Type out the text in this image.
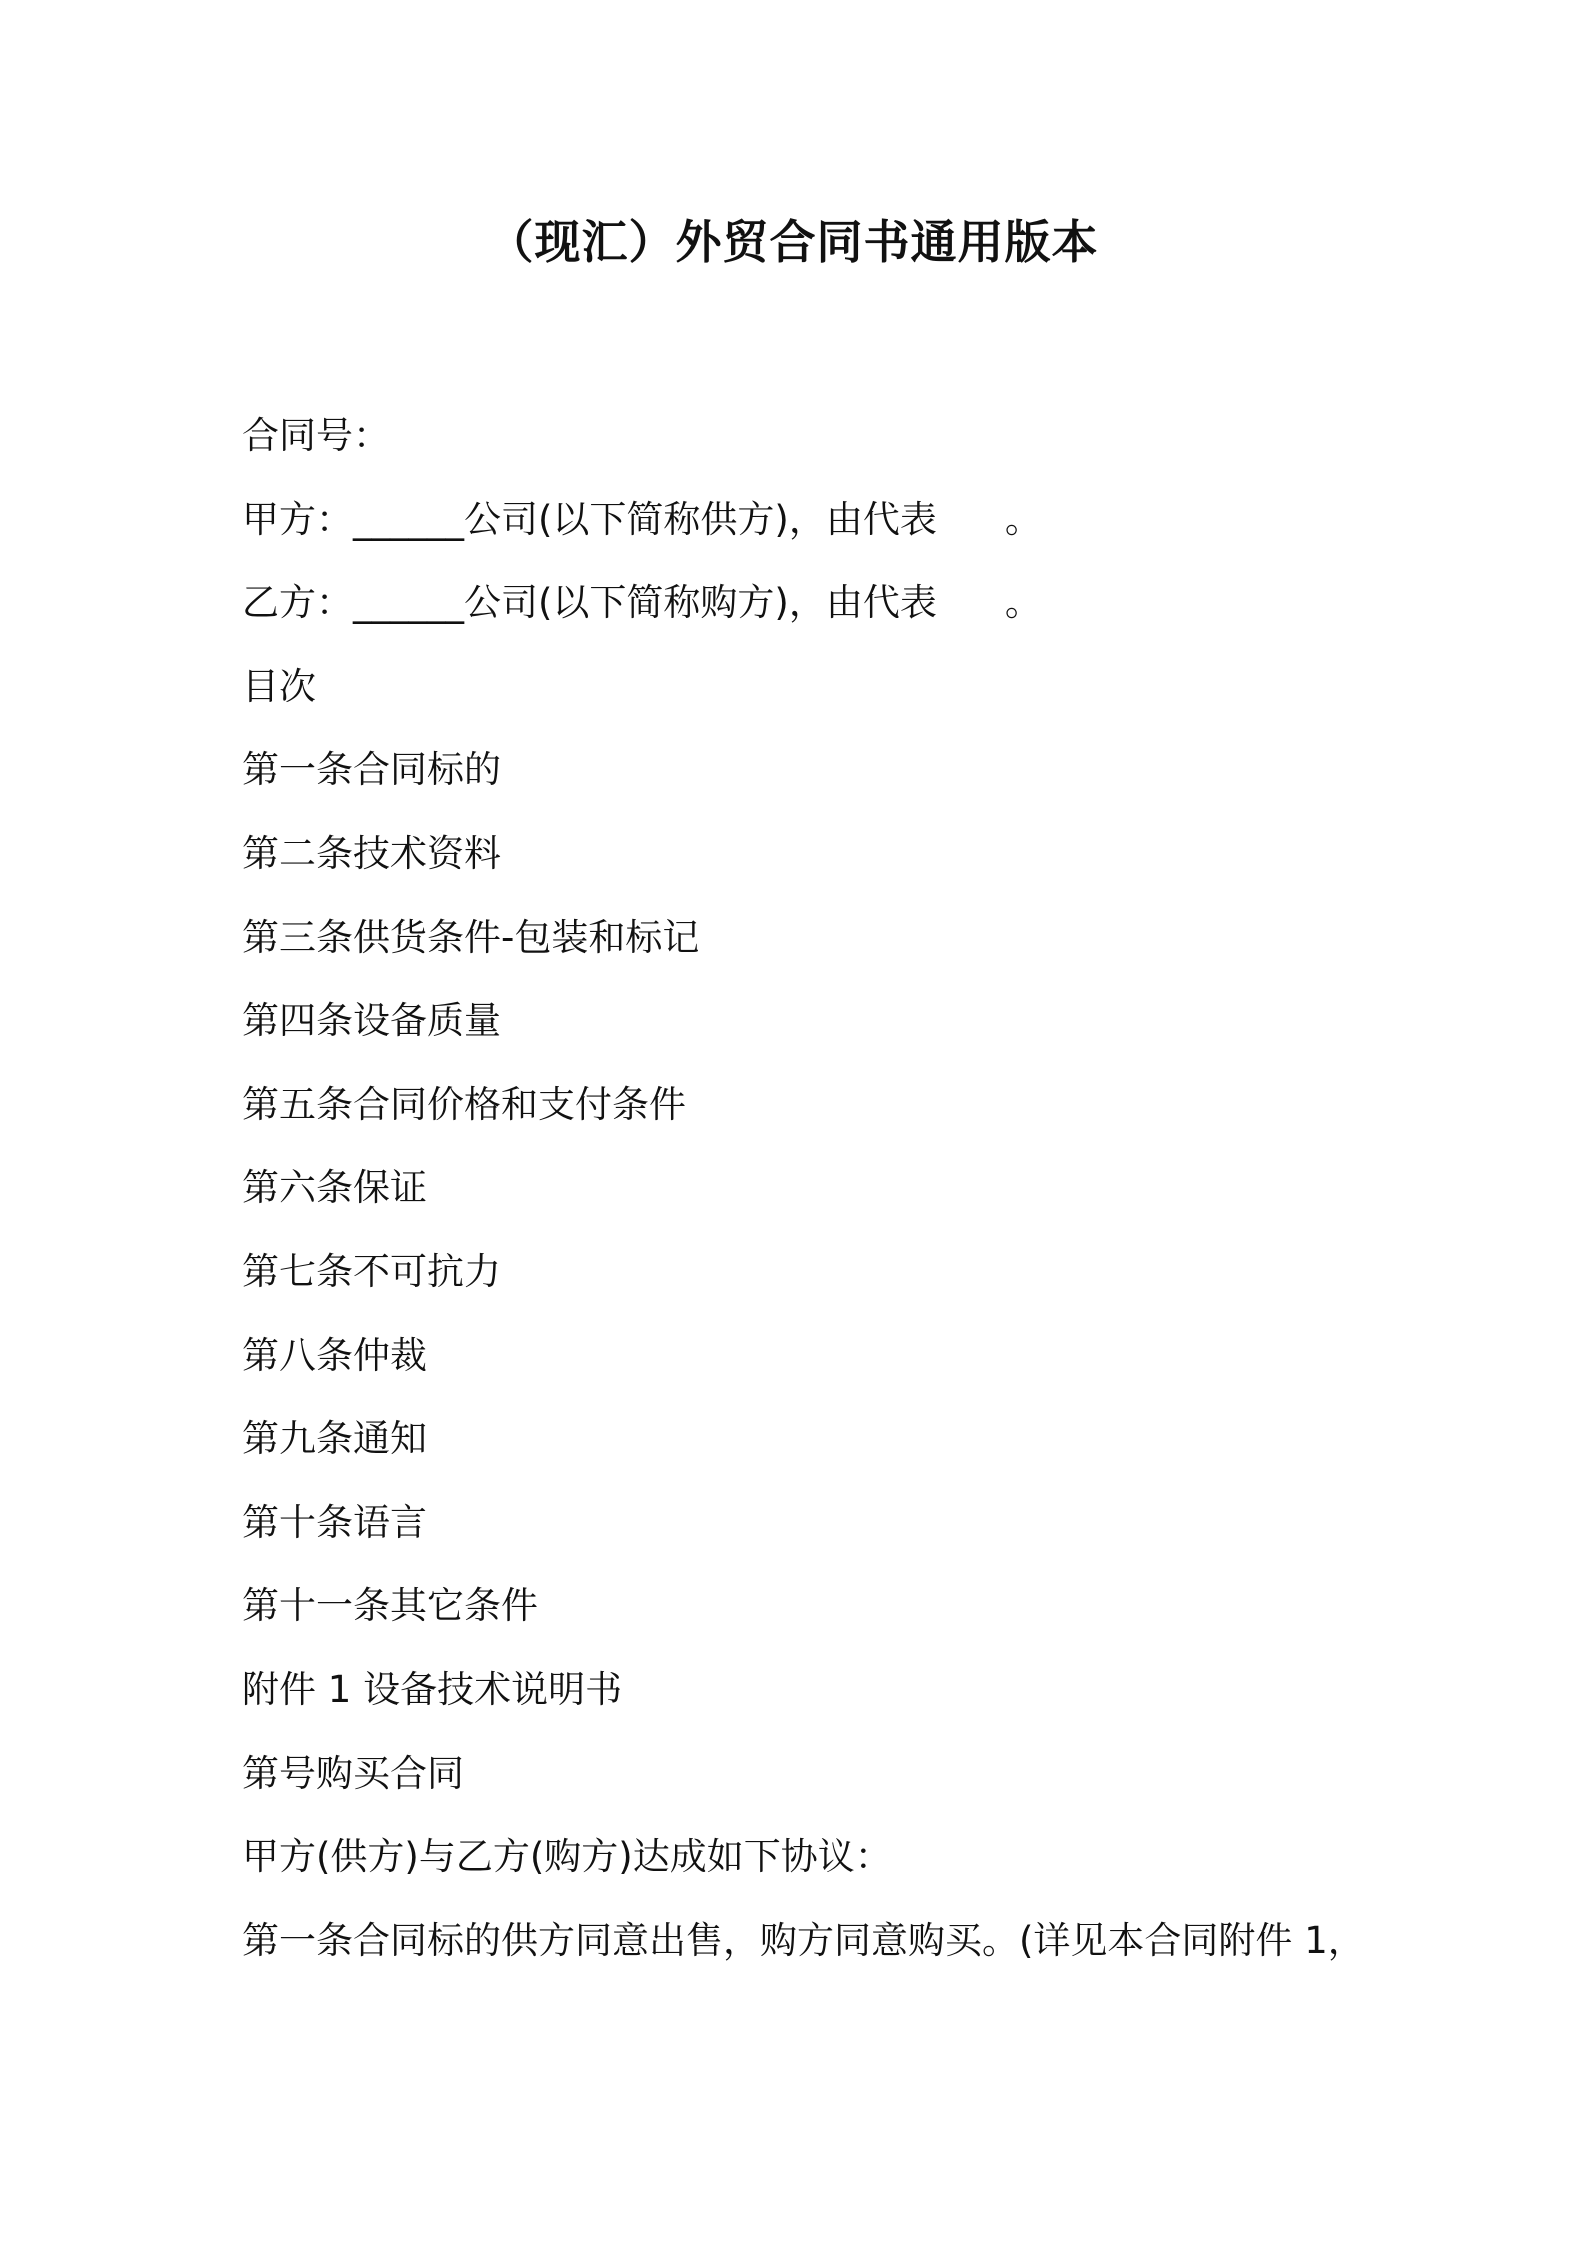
（现汇）外贸合同书通用版本
合同号：
甲方：______公司(以下简称供方)，由代表 。
乙方：______公司(以下简称购方)，由代表 。
目次
第一条合同标的
第二条技术资料
第三条供货条件-包装和标记
第四条设备质量
第五条合同价格和支付条件
第六条保证
第七条不可抗力
第八条仲裁
第九条通知
第十条语言
第十一条其它条件
附件 1 设备技术说明书
第号购买合同
甲方(供方)与乙方(购方)达成如下协议：
第一条合同标的供方同意出售，购方同意购买。(详见本合同附件 1，
